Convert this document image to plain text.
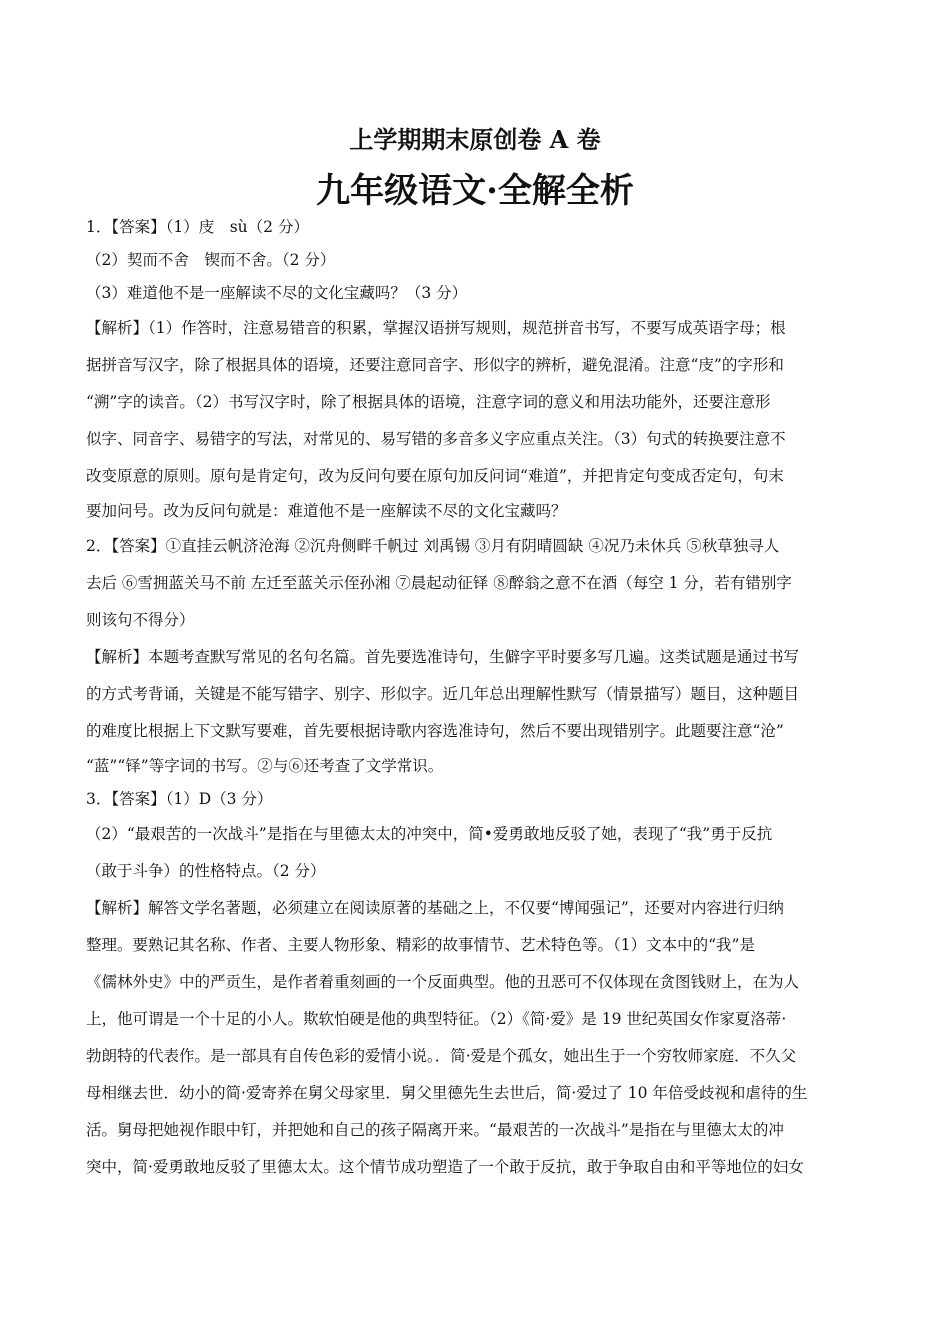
上学期期末原创卷 A 卷
九年级语文·全解全析
1．【答案】（1）庋　sù（2 分）
（2）契而不舍　锲而不舍。（2 分）
（3）难道他不是一座解读不尽的文化宝藏吗？（3 分）
【解析】（1）作答时，注意易错音的积累，掌握汉语拼写规则，规范拼音书写，不要写成英语字母；根
据拼音写汉字，除了根据具体的语境，还要注意同音字、形似字的辨析，避免混淆。注意“庋”的字形和
“溯”字的读音。（2）书写汉字时，除了根据具体的语境，注意字词的意义和用法功能外，还要注意形
似字、同音字、易错字的写法，对常见的、易写错的多音多义字应重点关注。（3）句式的转换要注意不
改变原意的原则。原句是肯定句，改为反问句要在原句加反问词“难道”，并把肯定句变成否定句，句末
要加问号。改为反问句就是：难道他不是一座解读不尽的文化宝藏吗？
2．【答案】①直挂云帆济沧海 ②沉舟侧畔千帆过 刘禹锡 ③月有阴晴圆缺 ④况乃未休兵 ⑤秋草独寻人
去后 ⑥雪拥蓝关马不前 左迁至蓝关示侄孙湘 ⑦晨起动征铎 ⑧醉翁之意不在酒（每空 1 分，若有错别字
则该句不得分）
【解析】本题考查默写常见的名句名篇。首先要选准诗句，生僻字平时要多写几遍。这类试题是通过书写
的方式考背诵，关键是不能写错字、别字、形似字。近几年总出理解性默写（情景描写）题目，这种题目
的难度比根据上下文默写要难，首先要根据诗歌内容选准诗句，然后不要出现错别字。此题要注意“沧”
“蓝”“铎”等字词的书写。②与⑥还考查了文学常识。
3．【答案】（1）D（3 分）
（2）“最艰苦的一次战斗”是指在与里德太太的冲突中，简•爱勇敢地反驳了她，表现了“我”勇于反抗
（敢于斗争）的性格特点。（2 分）
【解析】解答文学名著题，必须建立在阅读原著的基础之上，不仅要“博闻强记”，还要对内容进行归纳
整理。要熟记其名称、作者、主要人物形象、精彩的故事情节、艺术特色等。（1）文本中的“我”是
《儒林外史》中的严贡生，是作者着重刻画的一个反面典型。他的丑恶可不仅体现在贪图钱财上，在为人
上，他可谓是一个十足的小人。欺软怕硬是他的典型特征。（2）《简·爱》是 19 世纪英国女作家夏洛蒂·
勃朗特的代表作。是一部具有自传色彩的爱情小说。．简·爱是个孤女，她出生于一个穷牧师家庭．不久父
母相继去世．幼小的简·爱寄养在舅父母家里．舅父里德先生去世后，简·爱过了 10 年倍受歧视和虐待的生
活。舅母把她视作眼中钉，并把她和自己的孩子隔离开来。“最艰苦的一次战斗”是指在与里德太太的冲
突中，简·爱勇敢地反驳了里德太太。这个情节成功塑造了一个敢于反抗，敢于争取自由和平等地位的妇女
